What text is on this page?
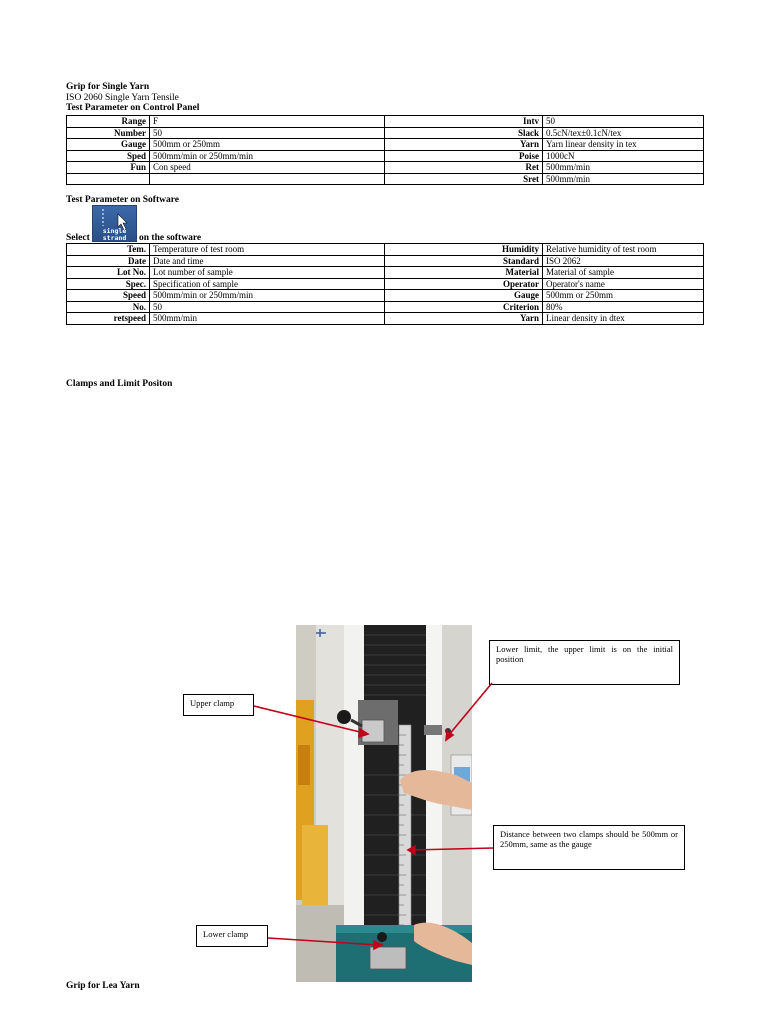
Grip for Single Yarn
ISO 2060 Single Yarn Tensile
Test Parameter on Control Panel
Range	F	Intv	50
Number	50	Slack	0.5cN/tex±0.1cN/tex
Gauge	500mm or 250mm	Yarn	Yarn linear density in tex
Sped	500mm/min or 250mm/min	Poise	1000cN
Fun	Con speed	Ret	500mm/min
		Sret	500mm/min
Test Parameter on Software
Select
single
strand	on the software
Tem.	Temperature of test room	Humidity	Relative humidity of test room
Date	Date and time	Standard	ISO 2062
Lot No.	Lot number of sample	Material	Material of sample
Spec.	Specification of sample	Operator	Operator's name
Speed	500mm/min or 250mm/min	Gauge	500mm or 250mm
No.	50	Criterion	80%
retspeed	500mm/min	Yarn	Linear density in dtex
Clamps and Limit Positon
Lower limit, the upper limit is on the initial position
Upper clamp
Distance between two clamps should be 500mm or 250mm, same as the gauge
Lower clamp
Grip for Lea Yarn
